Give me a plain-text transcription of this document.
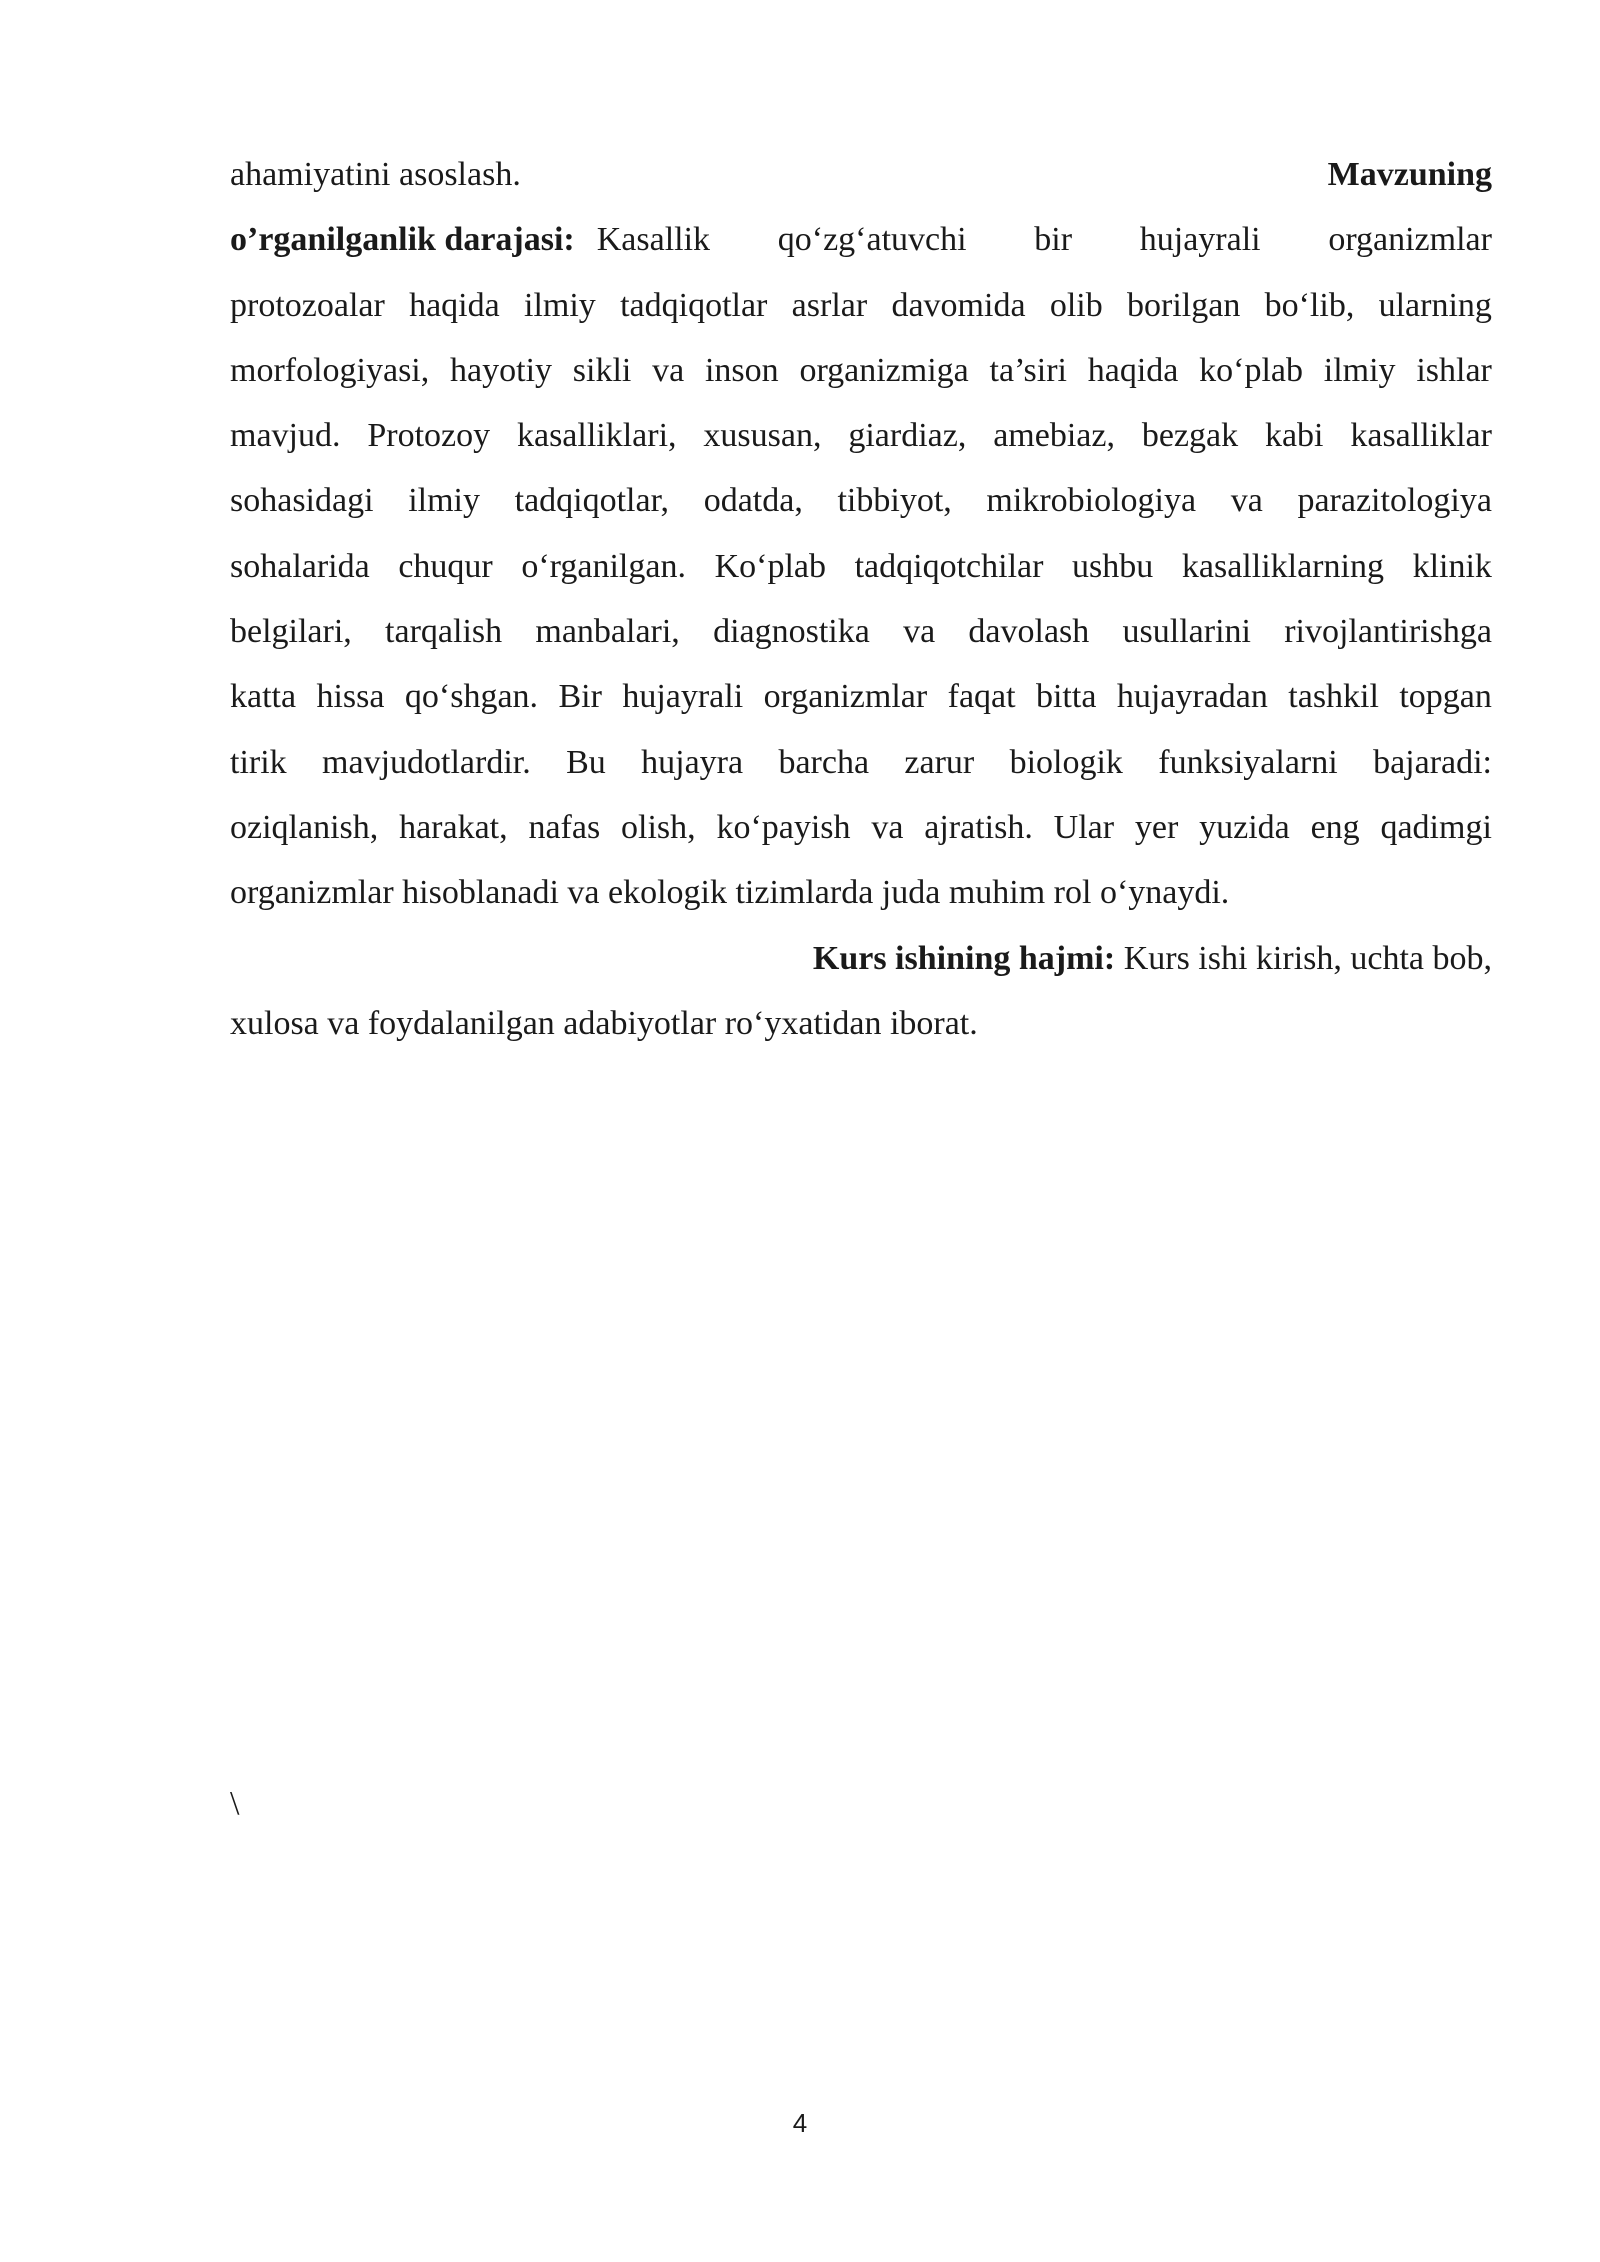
ahamiyatini asoslash.	Mavzuning
o’rganilganlik darajasi: Kasallik qo‘zg‘atuvchi bir hujayrali organizmlar
protozoalar haqida ilmiy tadqiqotlar asrlar davomida olib borilgan bo‘lib, ularning
morfologiyasi, hayotiy sikli va inson organizmiga ta’siri haqida ko‘plab ilmiy ishlar
mavjud. Protozoy kasalliklari, xususan, giardiaz, amebiaz, bezgak kabi kasalliklar
sohasidagi ilmiy tadqiqotlar, odatda, tibbiyot, mikrobiologiya va parazitologiya
sohalarida chuqur o‘rganilgan. Ko‘plab tadqiqotchilar ushbu kasalliklarning klinik
belgilari, tarqalish manbalari, diagnostika va davolash usullarini rivojlantirishga
katta hissa qo‘shgan. Bir hujayrali organizmlar faqat bitta hujayradan tashkil topgan
tirik mavjudotlardir. Bu hujayra barcha zarur biologik funksiyalarni bajaradi:
oziqlanish, harakat, nafas olish, ko‘payish va ajratish. Ular yer yuzida eng qadimgi
organizmlar hisoblanadi va ekologik tizimlarda juda muhim rol o‘ynaydi.
Kurs ishining hajmi: Kurs ishi kirish, uchta bob,
xulosa va foydalanilgan adabiyotlar ro‘yxatidan iborat.
\
4
